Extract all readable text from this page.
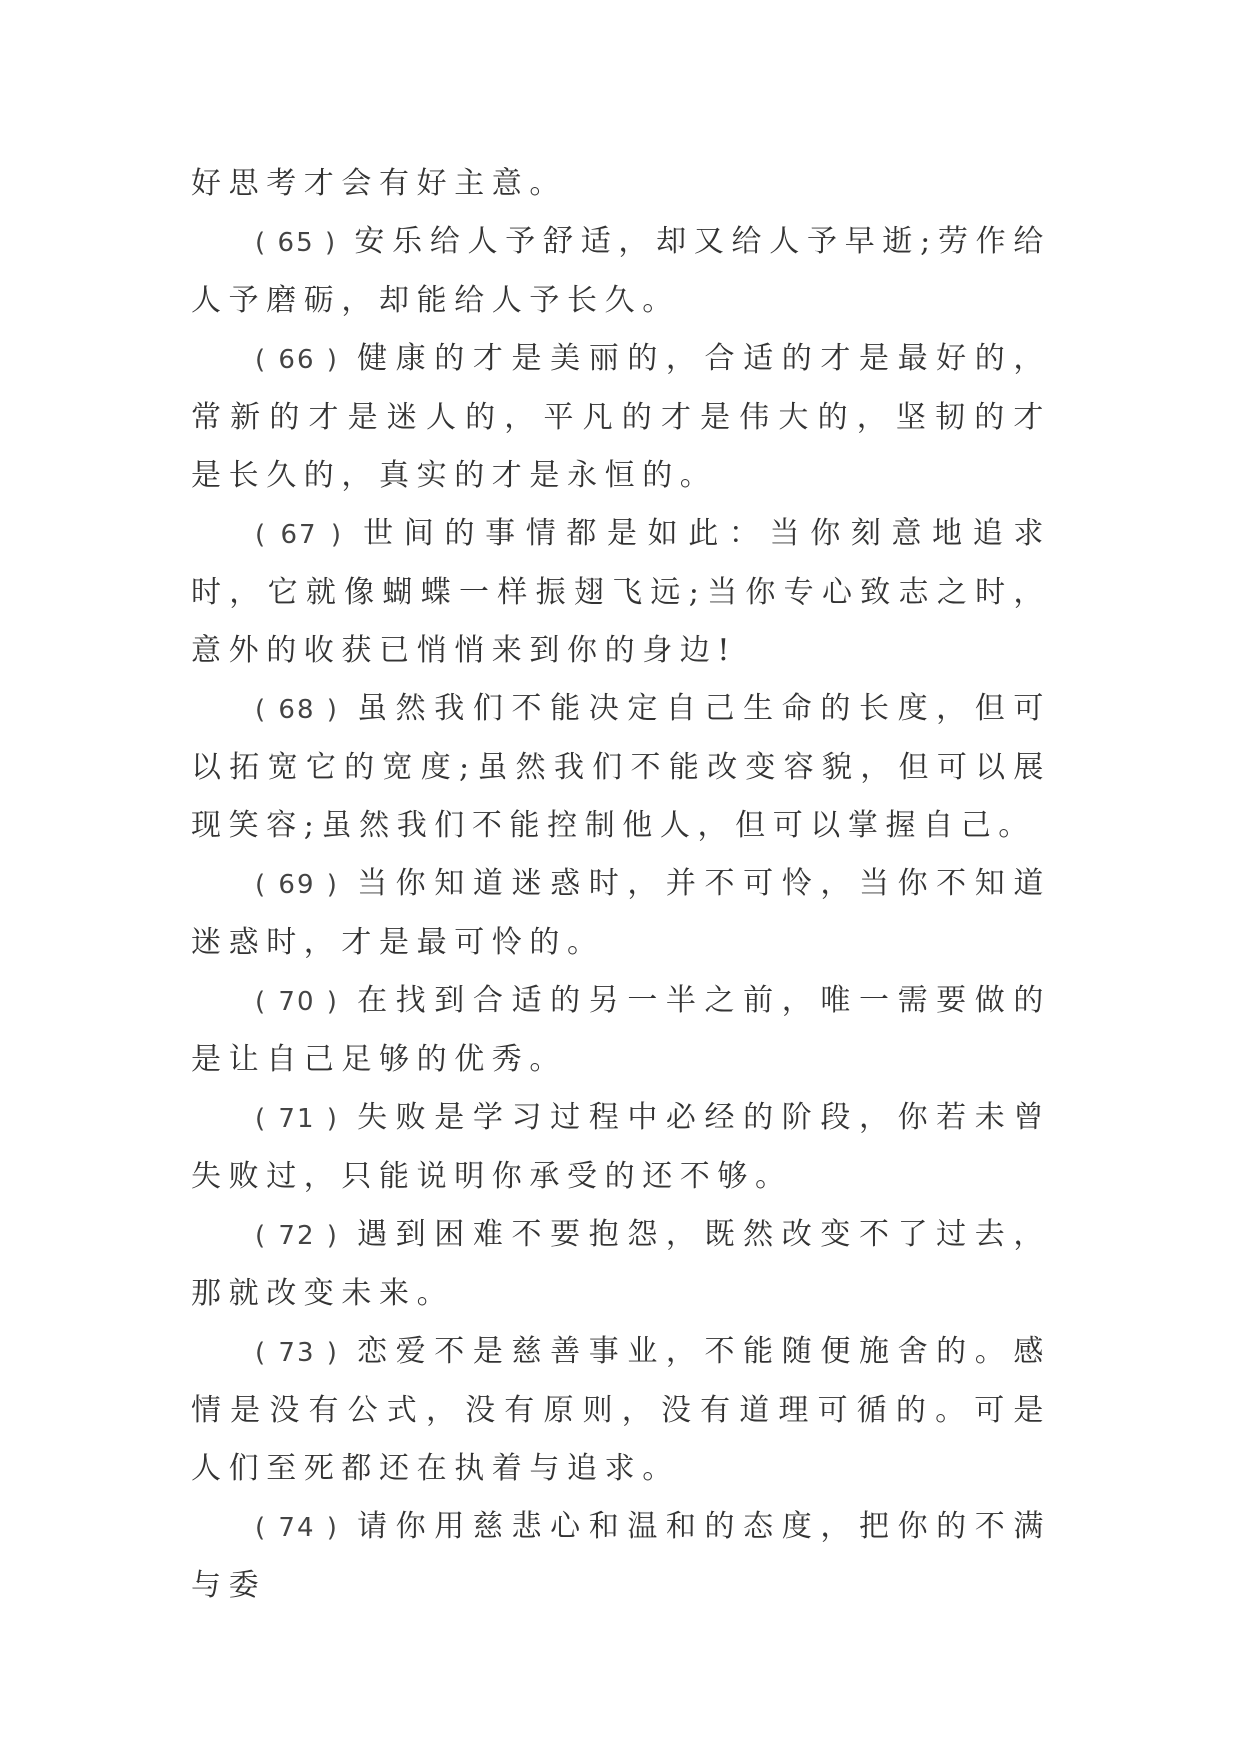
好思考才会有好主意。

( 65 ) 安乐给人予舒适，却又给人予早逝;劳作给人予磨砺，却能给人予长久。

( 66 ) 健康的才是美丽的，合适的才是最好的，常新的才是迷人的，平凡的才是伟大的，坚韧的才是长久的，真实的才是永恒的。

( 67 ) 世间的事情都是如此：当你刻意地追求时，它就像蝴蝶一样振翅飞远;当你专心致志之时，意外的收获已悄悄来到你的身边!

( 68 ) 虽然我们不能决定自己生命的长度，但可以拓宽它的宽度;虽然我们不能改变容貌，但可以展现笑容;虽然我们不能控制他人，但可以掌握自己。

( 69 ) 当你知道迷惑时，并不可怜，当你不知道迷惑时，才是最可怜的。

( 70 ) 在找到合适的另一半之前，唯一需要做的是让自己足够的优秀。

( 71 ) 失败是学习过程中必经的阶段，你若未曾失败过，只能说明你承受的还不够。

( 72 ) 遇到困难不要抱怨，既然改变不了过去，那就改变未来。

( 73 ) 恋爱不是慈善事业，不能随便施舍的。感情是没有公式，没有原则，没有道理可循的。可是人们至死都还在执着与追求。

( 74 ) 请你用慈悲心和温和的态度，把你的不满与委
